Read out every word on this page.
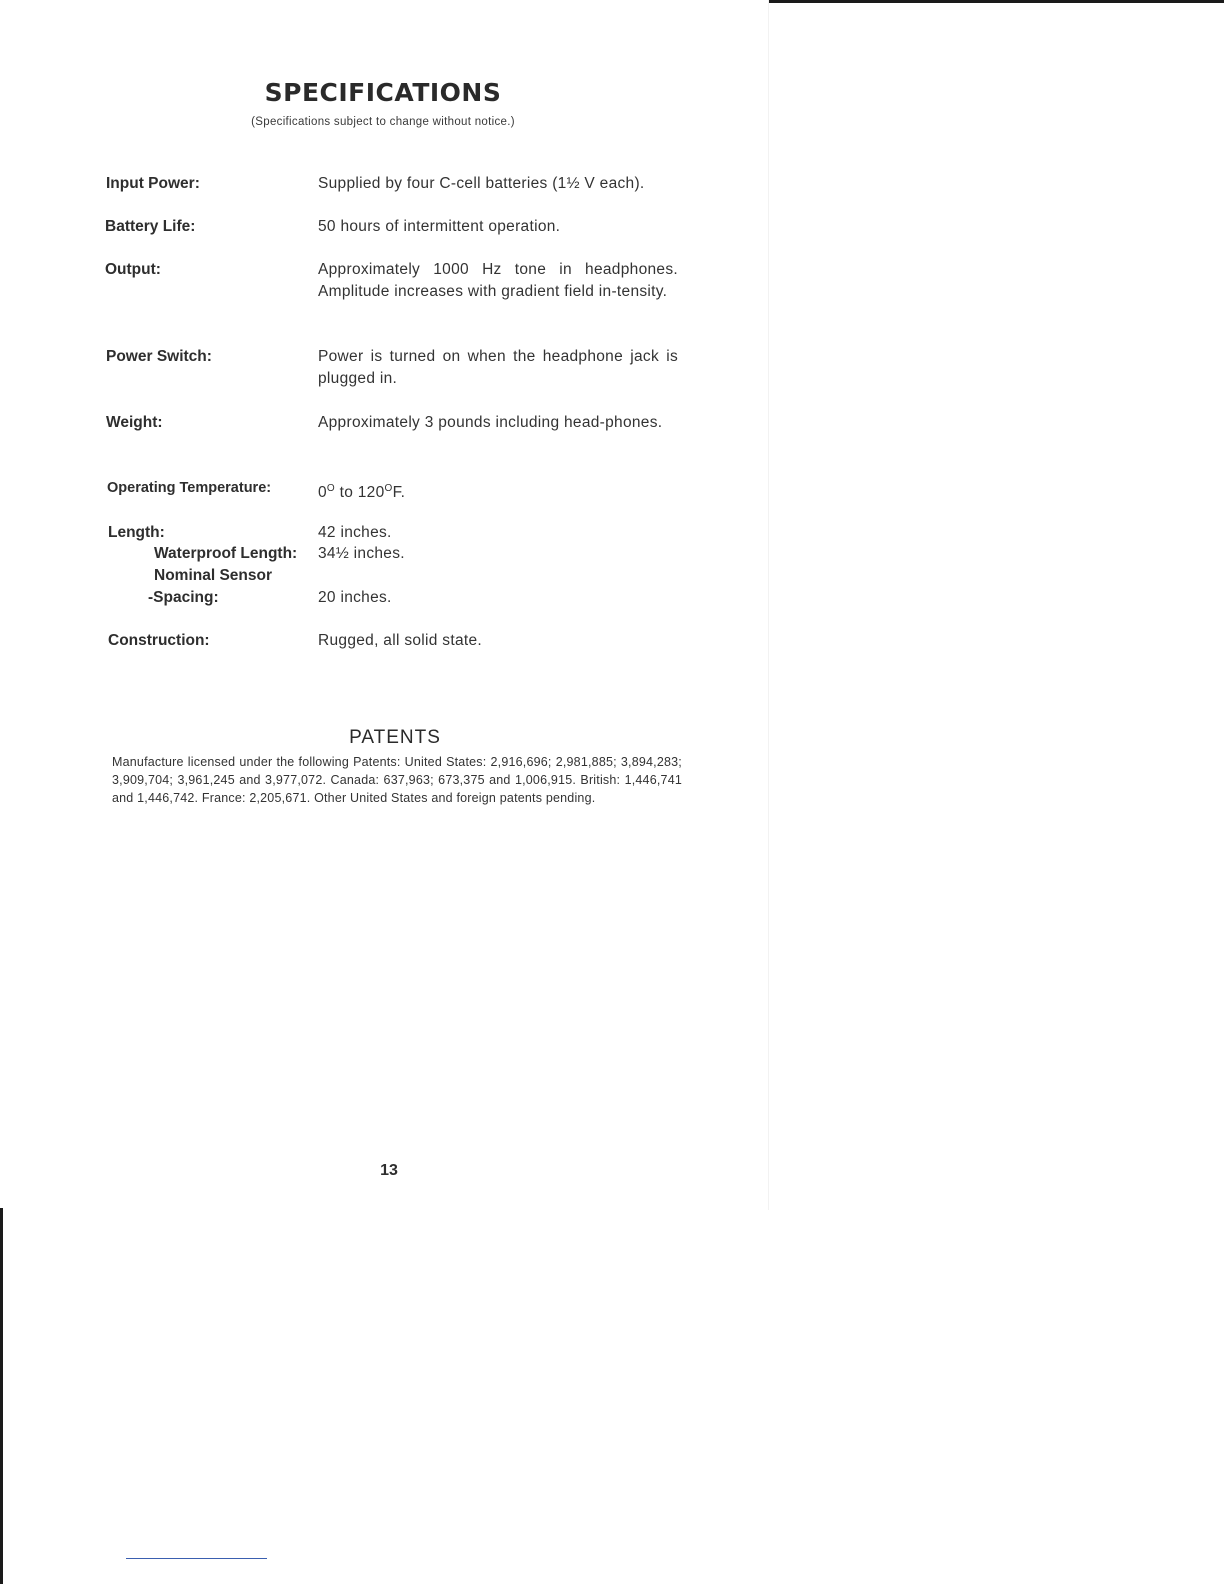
SPECIFICATIONS
(Specifications subject to change without notice.)
Input Power:	Supplied by four C-cell batteries (1½ V each).
Battery Life:	50 hours of intermittent operation.
Output:	Approximately 1000 Hz tone in headphones. Amplitude increases with gradient field in-tensity.
Power Switch:	Power is turned on when the headphone jack is plugged in.
Weight:	Approximately 3 pounds including head-phones.
Operating Temperature:	$0^O$ to $120^OF$.
Length:	42 inches.
Waterproof Length: 34½ inches.
Nominal Sensor
-Spacing:	20 inches.
Construction:	Rugged, all solid state.
PATENTS
Manufacture licensed under the following Patents: United States: 2,916,696; 2,981,885; 3,894,283; 3,909,704; 3,961,245 and 3,977,072. Canada: 637,963; 673,375 and 1,006,915. British: 1,446,741 and 1,446,742. France: 2,205,671. Other United States and foreign patents pending.
13
